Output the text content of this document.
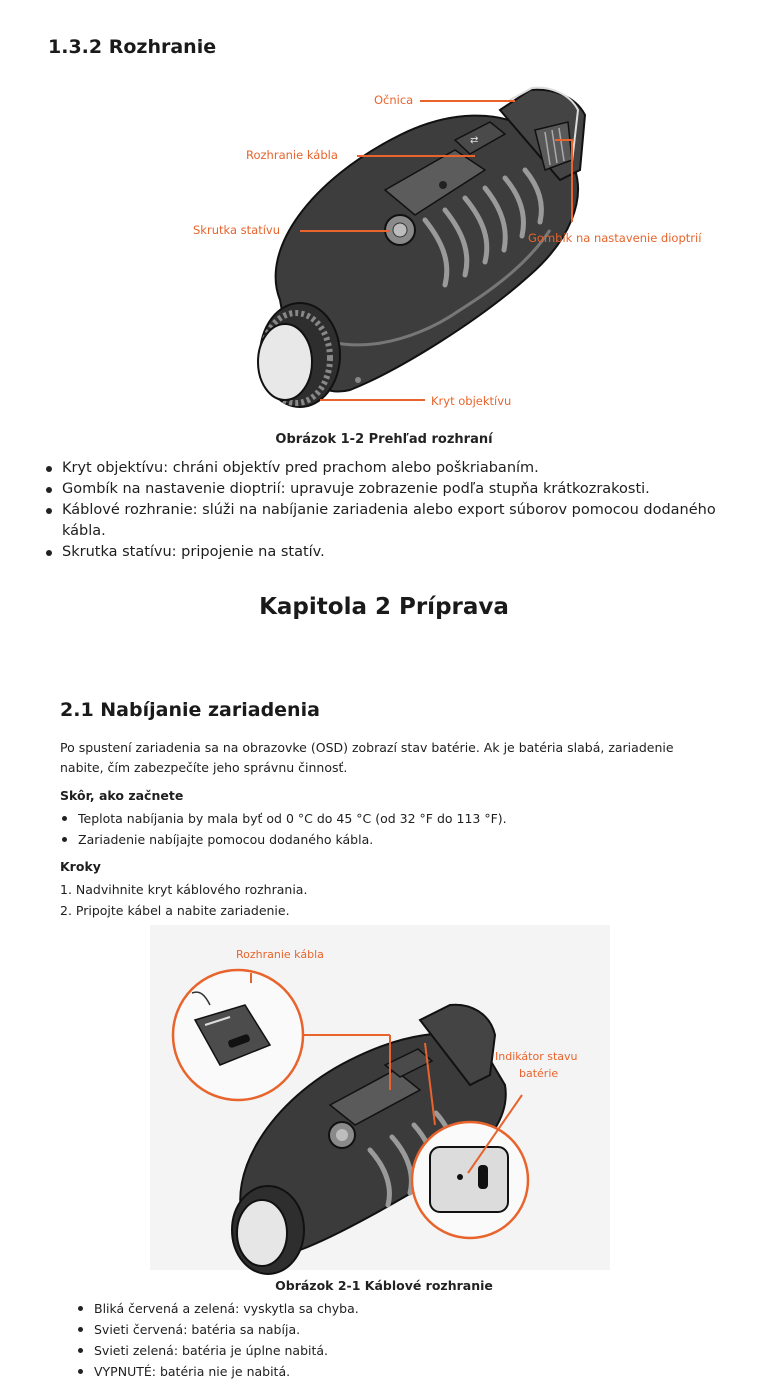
1.3.2 Rozhranie
⇄
Očnica
Rozhranie kábla
Skrutka statívu
Gombík na nastavenie dioptrií
Kryt objektívu
Obrázok 1-2 Prehľad rozhraní
Kryt objektívu: chráni objektív pred prachom alebo poškriabaním.
Gombík na nastavenie dioptrií: upravuje zobrazenie podľa stupňa krátkozrakosti.
Káblové rozhranie: slúži na nabíjanie zariadenia alebo export súborov pomocou dodaného kábla.
Skrutka statívu: pripojenie na statív.
Kapitola 2 Príprava
2.1 Nabíjanie zariadenia

Po spustení zariadenia sa na obrazovke (OSD) zobrazí stav batérie. Ak je batéria slabá, zariadenie nabite, čím zabezpečíte jeho správnu činnosť.

Skôr, ako začnete
Teplota nabíjania by mala byť od 0 °C do 45 °C (od 32 °F do 113 °F).
Zariadenie nabíjajte pomocou dodaného kábla.
Kroky
1. Nadvihnite kryt káblového rozhrania.
2. Pripojte kábel a nabite zariadenie.
Rozhranie kábla
Indikátor stavu
batérie
Obrázok 2-1 Káblové rozhranie
Bliká červená a zelená: vyskytla sa chyba.
Svieti červená: batéria sa nabíja.
Svieti zelená: batéria je úplne nabitá.
VYPNUTÉ: batéria nie je nabitá.
